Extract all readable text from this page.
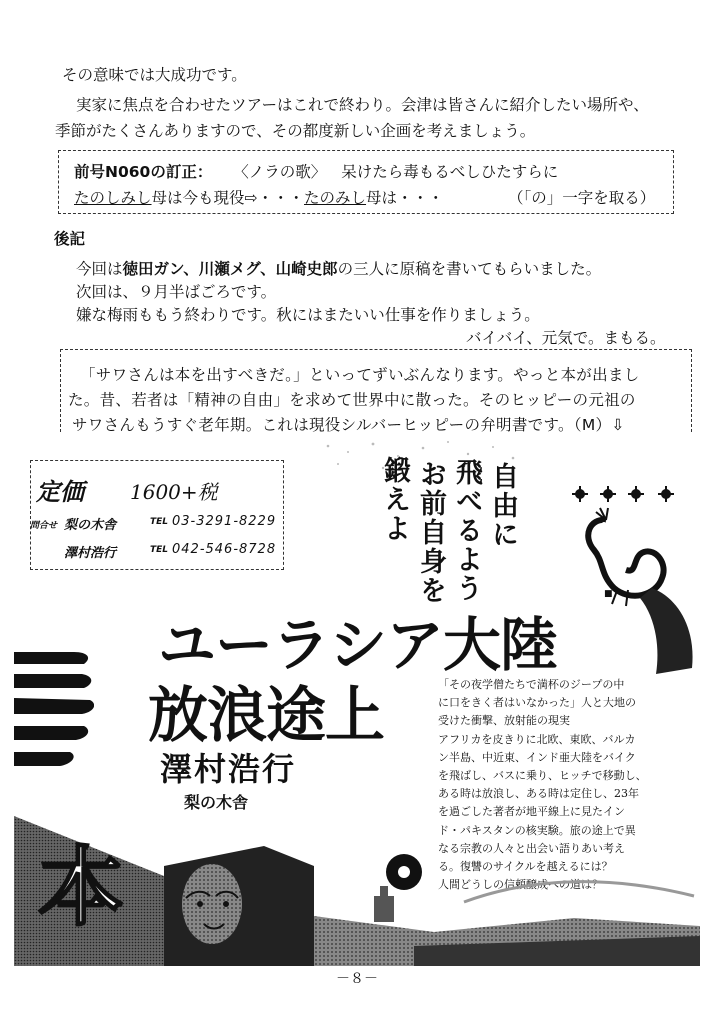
その意味では大成功です。
実家に焦点を合わせたツアーはこれで終わり。会津は皆さんに紹介したい場所や、
季節がたくさんありますので、その都度新しい企画を考えましょう。
前号N060の訂正： 〈ノラの歌〉 呆けたら毒もるべしひたすらに
たのしみし母は今も現役⇨・・・たのみし母は・・・	（「の」一字を取る）
後記
今回は徳田ガン、川瀬メグ、山崎史郎の三人に原稿を書いてもらいました。
次回は、９月半ばごろです。
嫌な梅雨ももう終わりです。秋にはまたいい仕事を作りましょう。
バイバイ、元気で。まもる。
「サワさんは本を出すべきだ。」といってずいぶんなります。やっと本が出まし
た。昔、若者は「精神の自由」を求めて世界中に散った。そのヒッピーの元祖の
サワさんもうすぐ老年期。これは現役シルバーヒッピーの弁明書です。（M）⇩
定価 1600+税
問合せ 梨の木舎	TEL 03-3291-8229
澤村浩行	TEL 042-546-8728
自由に
飛べるよう
お前自身を
鍛えよ
■
ユーラシア大陸
放浪途上
澤村浩行
梨の木舎
「その夜学僧たちで満杯のジープの中
に口をきく者はいなかった」人と大地の
受けた衝撃、放射能の現実
アフリカを皮きりに北欧、東欧、バルカ
ン半島、中近東、インド亜大陸をバイク
を飛ばし、バスに乗り、ヒッチで移動し、
ある時は放浪し、ある時は定住し、23年
を過ごした著者が地平線上に見たイン
ド・パキスタンの核実験。旅の途上で異
なる宗教の人々と出会い語りあい考え
る。復讐のサイクルを越えるには？
人間どうしの信頼醸成への道は？
本
－８－
